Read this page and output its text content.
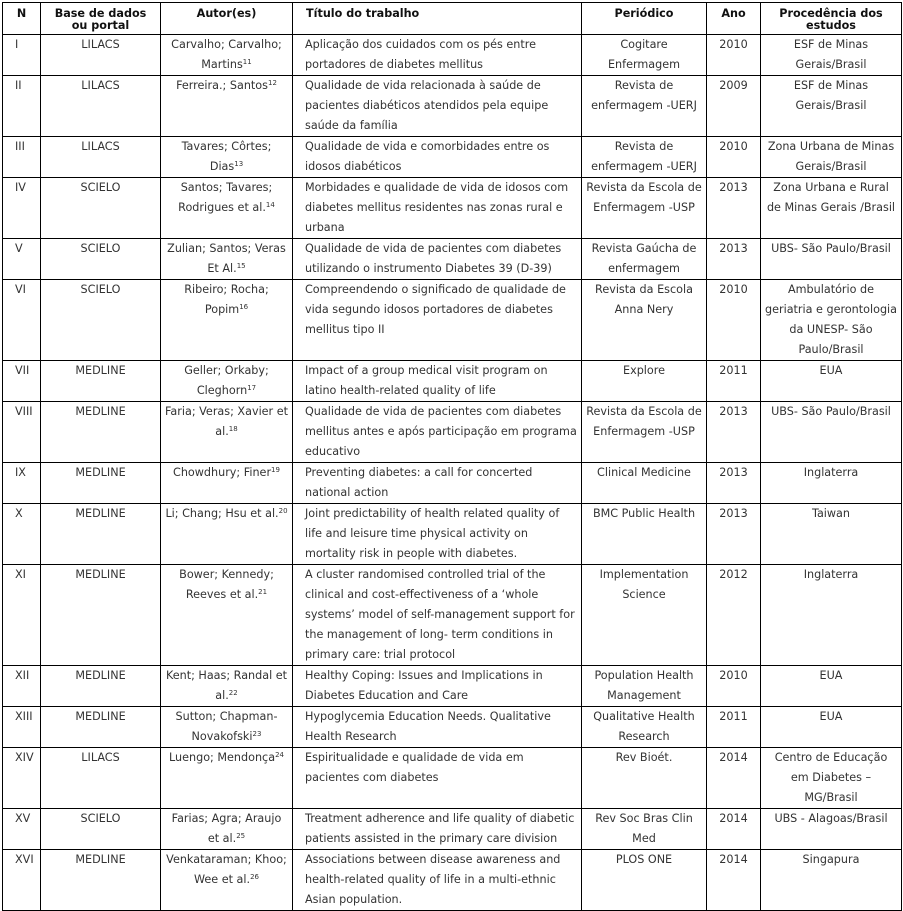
N	Base de dados ou portal	Autor(es)	Título do trabalho	Periódico	Ano	Procedência dos estudos
I	LILACS	Carvalho; Carvalho; Martins$^{11}$	Aplicação dos cuidados com os pés entre portadores de diabetes mellitus	Cogitare Enfermagem	2010	ESF de Minas Gerais/Brasil
II	LILACS	Ferreira.; Santos$^{12}$	Qualidade de vida relacionada à saúde de pacientes diabéticos atendidos pela equipe saúde da família	Revista de enfermagem -UERJ	2009	ESF de Minas Gerais/Brasil
III	LILACS	Tavares; Côrtes; Dias$^{13}$	Qualidade de vida e comorbidades entre os idosos diabéticos	Revista de enfermagem -UERJ	2010	Zona Urbana de Minas Gerais/Brasil
IV	SCIELO	Santos; Tavares; Rodrigues et al.$^{14}$	Morbidades e qualidade de vida de idosos com diabetes mellitus residentes nas zonas rural e urbana	Revista da Escola de Enfermagem -USP	2013	Zona Urbana e Rural de Minas Gerais /Brasil
V	SCIELO	Zulian; Santos; Veras Et Al.$^{15}$	Qualidade de vida de pacientes com diabetes utilizando o instrumento Diabetes 39 (D-39)	Revista Gaúcha de enfermagem	2013	UBS- São Paulo/Brasil
VI	SCIELO	Ribeiro; Rocha; Popim$^{16}$	Compreendendo o significado de qualidade de vida segundo idosos portadores de diabetes mellitus tipo II	Revista da Escola Anna Nery	2010	Ambulatório de geriatria e gerontologia da UNESP- São Paulo/Brasil
VII	MEDLINE	Geller; Orkaby; Cleghorn$^{17}$	Impact of a group medical visit program on latino health-related quality of life	Explore	2011	EUA
VIII	MEDLINE	Faria; Veras; Xavier et al.$^{18}$	Qualidade de vida de pacientes com diabetes mellitus antes e após participação em programa educativo	Revista da Escola de Enfermagem -USP	2013	UBS- São Paulo/Brasil
IX	MEDLINE	Chowdhury; Finer$^{19}$	Preventing diabetes: a call for concerted national action	Clinical Medicine	2013	Inglaterra
X	MEDLINE	Li; Chang; Hsu et al.$^{20}$	Joint predictability of health related quality of life and leisure time physical activity on mortality risk in people with diabetes.	BMC Public Health	2013	Taiwan
XI	MEDLINE	Bower; Kennedy; Reeves et al.$^{21}$	A cluster randomised controlled trial of the clinical and cost-effectiveness of a ‘whole systems’ model of self-management support for the management of long- term conditions in primary care: trial protocol	Implementation Science	2012	Inglaterra
XII	MEDLINE	Kent; Haas; Randal et al.$^{22}$	Healthy Coping: Issues and Implications in Diabetes Education and Care	Population Health Management	2010	EUA
XIII	MEDLINE	Sutton; Chapman-Novakofski$^{23}$	Hypoglycemia Education Needs. Qualitative Health Research	Qualitative Health Research	2011	EUA
XIV	LILACS	Luengo; Mendonça$^{24}$	Espiritualidade e qualidade de vida em pacientes com diabetes	Rev Bioét.	2014	Centro de Educação em Diabetes – MG/Brasil
XV	SCIELO	Farias; Agra; Araujo et al.$^{25}$	Treatment adherence and life quality of diabetic patients assisted in the primary care division	Rev Soc Bras Clin Med	2014	UBS - Alagoas/Brasil
XVI	MEDLINE	Venkataraman; Khoo; Wee et al.$^{26}$	Associations between disease awareness and health-related quality of life in a multi-ethnic Asian population.	PLOS ONE	2014	Singapura
